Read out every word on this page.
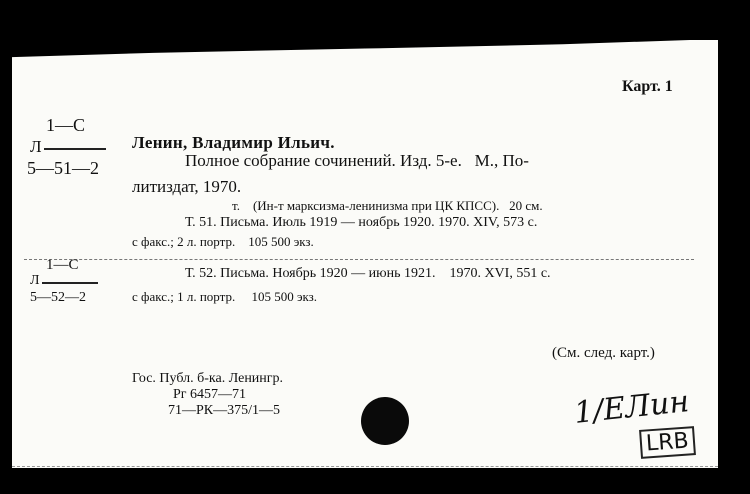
Карт. 1
1—С
Л
5—51—2
Ленин, Владимир Ильич.
Полное собрание сочинений. Изд. 5-е.   М., По-
литиздат, 1970.
т.    (Ин-т марксизма-ленинизма при ЦК КПСС).   20 см.
Т. 51. Письма. Июль 1919 — ноябрь 1920. 1970. XIV, 573 с.
с факс.; 2 л. портр.    105 500 экз.
1—С
Л
5—52—2
Т. 52. Письма. Ноябрь 1920 — июнь 1921.    1970. XVI, 551 с.
с факс.; 1 л. портр.     105 500 экз.
(См. след. карт.)
Гос. Публ. б-ка. Ленингр.
Рг 6457—71
71—РК—375/1—5	1/ЕЛин
LRB
